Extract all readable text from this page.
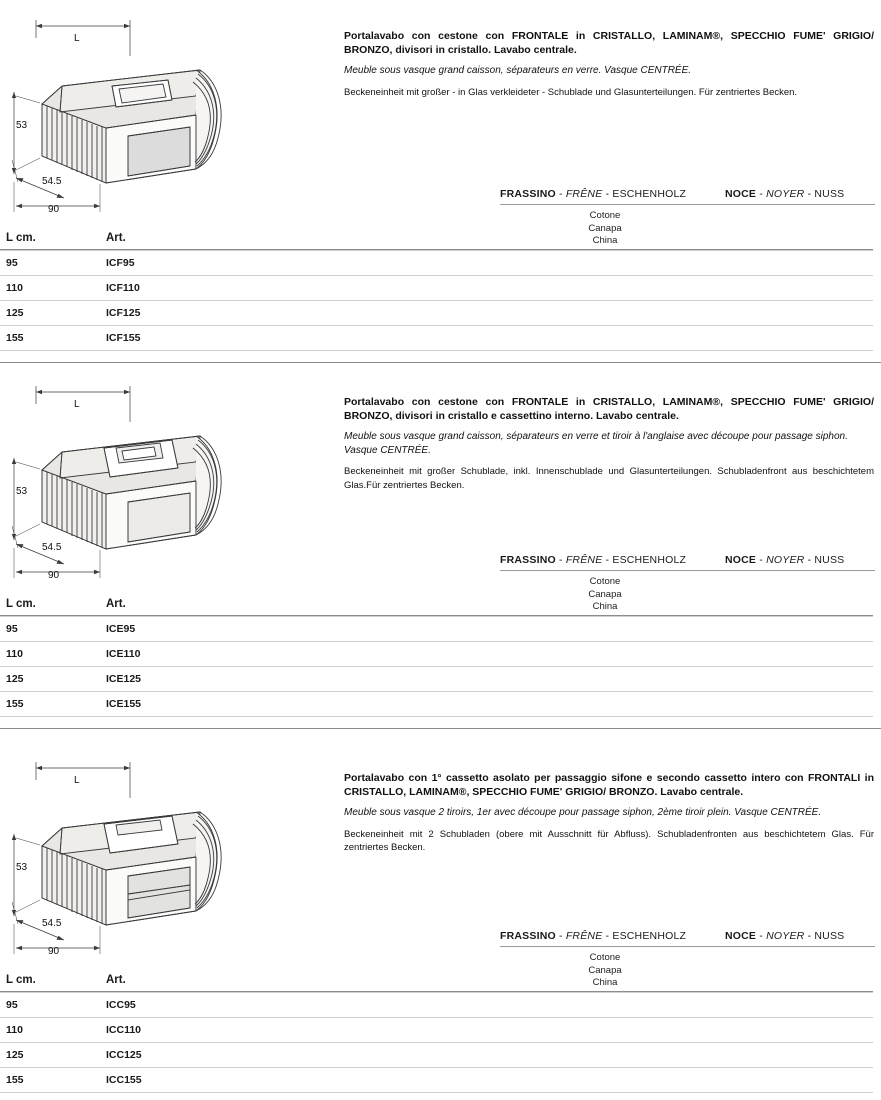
L
53
54.5
90
Portalavabo con cestone con FRONTALE in CRISTALLO, LAMINAM®, SPECCHIO FUME' GRIGIO/ BRONZO, divisori in cristallo. Lavabo centrale.
Meuble sous vasque grand caisson, séparateurs en verre. Vasque CENTRÉE.
Beckeneinheit mit großer - in Glas verkleideter - Schublade und Glasunterteilungen. Für zentriertes Becken.
FRASSINO - FRÊNE - ESCHENHOLZ	NOCE - NOYER - NUSS
Cotone
Canapa
China
L cm.	Art.
95	ICF95
110	ICF110
125	ICF125
155	ICF155
L
53
54.5
90
Portalavabo con cestone con FRONTALE in CRISTALLO, LAMINAM®, SPECCHIO FUME' GRIGIO/ BRONZO, divisori in cristallo e cassettino interno. Lavabo centrale.
Meuble sous vasque grand caisson, séparateurs en verre et tiroir à l'anglaise avec découpe pour passage siphon. Vasque CENTRÉE.
Beckeneinheit mit großer Schublade, inkl. Innenschublade und Glasunterteilungen. Schubladenfront aus beschichtetem Glas.Für zentriertes Becken.
FRASSINO - FRÊNE - ESCHENHOLZ	NOCE - NOYER - NUSS
Cotone
Canapa
China
L cm.	Art.
95	ICE95
110	ICE110
125	ICE125
155	ICE155
L
53
54.5
90
Portalavabo con 1° cassetto asolato per passaggio sifone e secondo cassetto intero con FRONTALI in CRISTALLO, LAMINAM®, SPECCHIO FUME' GRIGIO/ BRONZO. Lavabo centrale.
Meuble sous vasque 2 tiroirs, 1er avec découpe pour passage siphon, 2ème tiroir plein. Vasque CENTRÉE.
Beckeneinheit mit 2 Schubladen (obere mit Ausschnitt für Abfluss). Schubladenfronten aus beschichtetem Glas. Für zentriertes Becken.
FRASSINO - FRÊNE - ESCHENHOLZ	NOCE - NOYER - NUSS
Cotone
Canapa
China
L cm.	Art.
95	ICC95
110	ICC110
125	ICC125
155	ICC155
